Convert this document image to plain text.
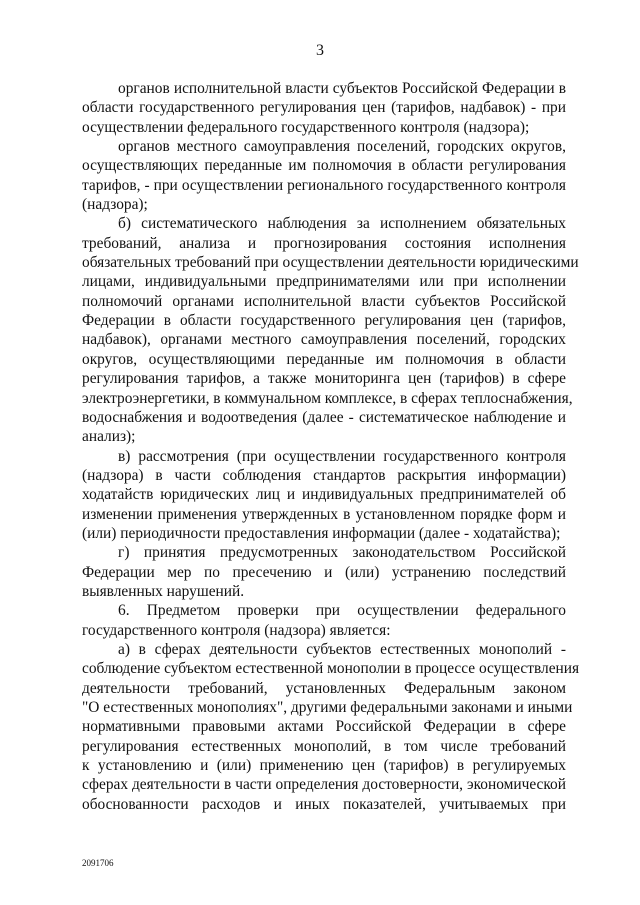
3
органов исполнительной власти субъектов Российской Федерации в
области государственного регулирования цен (тарифов, надбавок) - при
осуществлении федерального государственного контроля (надзора);
органов местного самоуправления поселений, городских округов,
осуществляющих переданные им полномочия в области регулирования
тарифов, - при осуществлении регионального государственного контроля
(надзора);
б) систематического наблюдения за исполнением обязательных
требований, анализа и прогнозирования состояния исполнения
обязательных требований при осуществлении деятельности юридическими
лицами, индивидуальными предпринимателями или при исполнении
полномочий органами исполнительной власти субъектов Российской
Федерации в области государственного регулирования цен (тарифов,
надбавок), органами местного самоуправления поселений, городских
округов, осуществляющими переданные им полномочия в области
регулирования тарифов, а также мониторинга цен (тарифов) в сфере
электроэнергетики, в коммунальном комплексе, в сферах теплоснабжения,
водоснабжения и водоотведения (далее - систематическое наблюдение и
анализ);
в) рассмотрения (при осуществлении государственного контроля
(надзора) в части соблюдения стандартов раскрытия информации)
ходатайств юридических лиц и индивидуальных предпринимателей об
изменении применения утвержденных в установленном порядке форм и
(или) периодичности предоставления информации (далее - ходатайства);
г) принятия предусмотренных законодательством Российской
Федерации мер по пресечению и (или) устранению последствий
выявленных нарушений.
6. Предметом проверки при осуществлении федерального
государственного контроля (надзора) является:
а) в сферах деятельности субъектов естественных монополий -
соблюдение субъектом естественной монополии в процессе осуществления
деятельности требований, установленных Федеральным законом
"О естественных монополиях", другими федеральными законами и иными
нормативными правовыми актами Российской Федерации в сфере
регулирования естественных монополий, в том числе требований
к установлению и (или) применению цен (тарифов) в регулируемых
сферах деятельности в части определения достоверности, экономической
обоснованности расходов и иных показателей, учитываемых при
2091706
